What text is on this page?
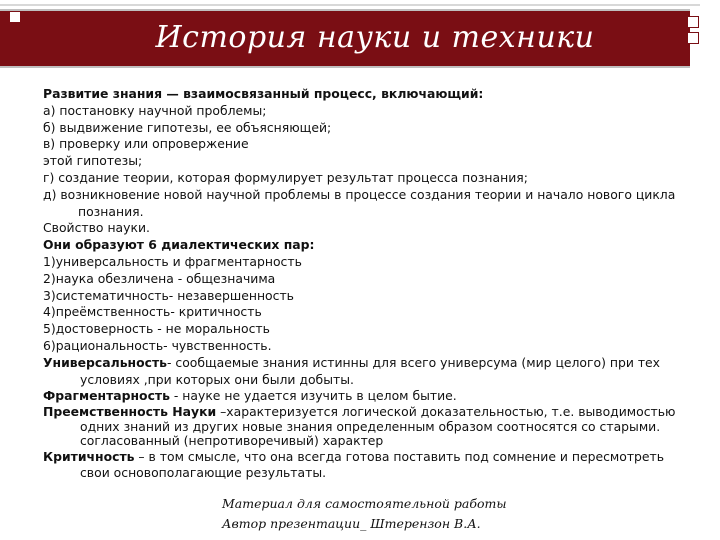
История науки и техники

Развитие знания — взаимосвязанный процесс, включающий:

а) постановку научной проблемы;

б) выдвижение гипотезы, ее объясняющей;

в) проверку или опровержение

этой гипотезы;

г) создание теории, которая формулирует результат процесса познания;

д) возникновение новой научной проблемы в процессе создания теории и начало нового цикла познания.

Свойство науки.

Они образуют 6 диалектических пар:

1)универсальность и фрагментарность

2)наука обезличена - общезначима

3)систематичность- незавершенность

4)преёмственность- критичность

5)достоверность - не моральность

6)рациональность- чувственность.

Универсальность- сообщаемые знания истинны для всего универсума (мир целого) при тех условиях ,при которых они были добыты.

Фрагментарность - науке не удается изучить в целом бытие.

Преемственность Науки –характеризуется логической доказательностью, т.е. выводимостью одних знаний из других новые знания определенным образом соотносятся со старыми. согласованный (непротиворечивый) характер

Критичность – в том смысле, что она всегда готова поставить под сомнение и пересмотреть свои основополагающие результаты.

Материал для самостоятельной работы
Автор презентации_ Штерензон В.А.
